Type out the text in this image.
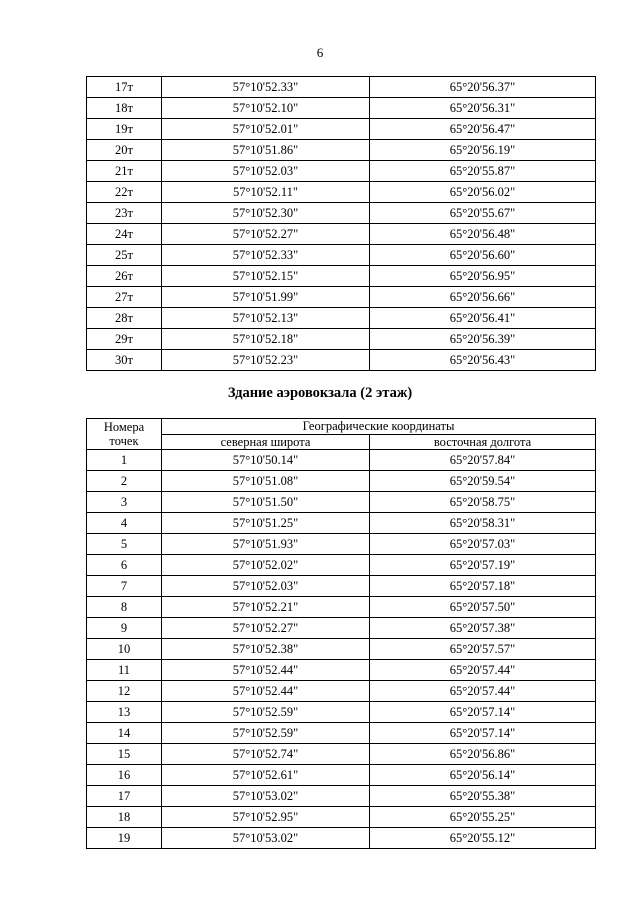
6
17т	57°10'52.33"	65°20'56.37"
18т	57°10'52.10"	65°20'56.31"
19т	57°10'52.01"	65°20'56.47"
20т	57°10'51.86"	65°20'56.19"
21т	57°10'52.03"	65°20'55.87"
22т	57°10'52.11"	65°20'56.02"
23т	57°10'52.30"	65°20'55.67"
24т	57°10'52.27"	65°20'56.48"
25т	57°10'52.33"	65°20'56.60"
26т	57°10'52.15"	65°20'56.95"
27т	57°10'51.99"	65°20'56.66"
28т	57°10'52.13"	65°20'56.41"
29т	57°10'52.18"	65°20'56.39"
30т	57°10'52.23"	65°20'56.43"
Здание аэровокзала (2 этаж)
Номера
точек	Географические координаты	
	северная широта	восточная долгота
1	57°10'50.14"	65°20'57.84"
2	57°10'51.08"	65°20'59.54"
3	57°10'51.50"	65°20'58.75"
4	57°10'51.25"	65°20'58.31"
5	57°10'51.93"	65°20'57.03"
6	57°10'52.02"	65°20'57.19"
7	57°10'52.03"	65°20'57.18"
8	57°10'52.21"	65°20'57.50"
9	57°10'52.27"	65°20'57.38"
10	57°10'52.38"	65°20'57.57"
11	57°10'52.44"	65°20'57.44"
12	57°10'52.44"	65°20'57.44"
13	57°10'52.59"	65°20'57.14"
14	57°10'52.59"	65°20'57.14"
15	57°10'52.74"	65°20'56.86"
16	57°10'52.61"	65°20'56.14"
17	57°10'53.02"	65°20'55.38"
18	57°10'52.95"	65°20'55.25"
19	57°10'53.02"	65°20'55.12"
